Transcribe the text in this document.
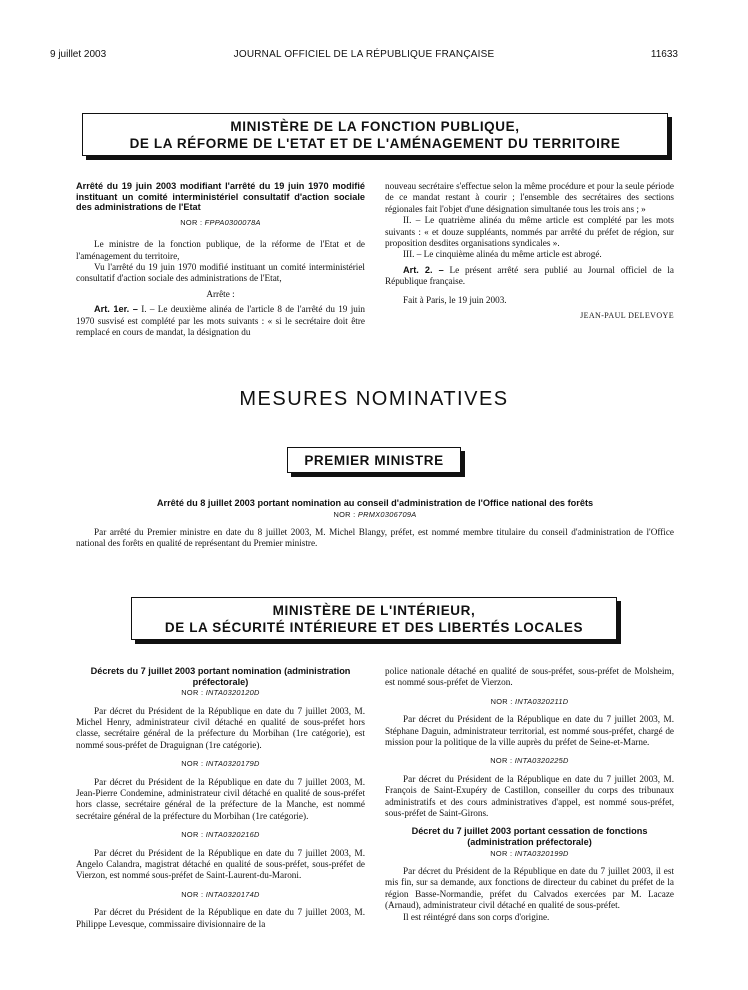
9 juillet 2003	JOURNAL OFFICIEL DE LA RÉPUBLIQUE FRANÇAISE	11633
MINISTÈRE DE LA FONCTION PUBLIQUE,
DE LA RÉFORME DE L'ETAT ET DE L'AMÉNAGEMENT DU TERRITOIRE

Arrêté du 19 juin 2003 modifiant l'arrêté du 19 juin 1970 modifié instituant un comité interministériel consultatif d'action sociale des administrations de l'Etat

NOR : FPPA0300078A

Le ministre de la fonction publique, de la réforme de l'Etat et de l'aménagement du territoire,

Vu l'arrêté du 19 juin 1970 modifié instituant un comité interministériel consultatif d'action sociale des administrations de l'Etat,

Arrête :

Art. 1er. – I. – Le deuxième alinéa de l'article 8 de l'arrêté du 19 juin 1970 susvisé est complété par les mots suivants : « si le secrétaire doit être remplacé en cours de mandat, la désignation du

nouveau secrétaire s'effectue selon la même procédure et pour la seule période de ce mandat restant à courir ; l'ensemble des secrétaires des sections régionales fait l'objet d'une désignation simultanée tous les trois ans ; »

II. – Le quatrième alinéa du même article est complété par les mots suivants : « et douze suppléants, nommés par arrêté du préfet de région, sur proposition desdites organisations syndicales ».

III. – Le cinquième alinéa du même article est abrogé.

Art. 2. – Le présent arrêté sera publié au Journal officiel de la République française.

Fait à Paris, le 19 juin 2003.

JEAN-PAUL DELEVOYE

MESURES NOMINATIVES
PREMIER MINISTRE

Arrêté du 8 juillet 2003 portant nomination au conseil d'administration de l'Office national des forêts

NOR : PRMX0306709A

Par arrêté du Premier ministre en date du 8 juillet 2003, M. Michel Blangy, préfet, est nommé membre titulaire du conseil d'administration de l'Office national des forêts en qualité de représentant du Premier ministre.

MINISTÈRE DE L'INTÉRIEUR,
DE LA SÉCURITÉ INTÉRIEURE ET DES LIBERTÉS LOCALES

Décrets du 7 juillet 2003 portant nomination (administration préfectorale)

NOR : INTA0320120D

Par décret du Président de la République en date du 7 juillet 2003, M. Michel Henry, administrateur civil détaché en qualité de sous-préfet hors classe, secrétaire général de la préfecture du Morbihan (1re catégorie), est nommé sous-préfet de Draguignan (1re catégorie).

NOR : INTA0320179D

Par décret du Président de la République en date du 7 juillet 2003, M. Jean-Pierre Condemine, administrateur civil détaché en qualité de sous-préfet hors classe, secrétaire général de la préfecture de la Manche, est nommé secrétaire général de la préfecture du Morbihan (1re catégorie).

NOR : INTA0320216D

Par décret du Président de la République en date du 7 juillet 2003, M. Angelo Calandra, magistrat détaché en qualité de sous-préfet, sous-préfet de Vierzon, est nommé sous-préfet de Saint-Laurent-du-Maroni.

NOR : INTA0320174D

Par décret du Président de la République en date du 7 juillet 2003, M. Philippe Levesque, commissaire divisionnaire de la

police nationale détaché en qualité de sous-préfet, sous-préfet de Molsheim, est nommé sous-préfet de Vierzon.

NOR : INTA0320211D

Par décret du Président de la République en date du 7 juillet 2003, M. Stéphane Daguin, administrateur territorial, est nommé sous-préfet, chargé de mission pour la politique de la ville auprès du préfet de Seine-et-Marne.

NOR : INTA0320225D

Par décret du Président de la République en date du 7 juillet 2003, M. François de Saint-Exupéry de Castillon, conseiller du corps des tribunaux administratifs et des cours administratives d'appel, est nommé sous-préfet, sous-préfet de Saint-Girons.

Décret du 7 juillet 2003 portant cessation de fonctions (administration préfectorale)

NOR : INTA0320199D

Par décret du Président de la République en date du 7 juillet 2003, il est mis fin, sur sa demande, aux fonctions de directeur du cabinet du préfet de la région Basse-Normandie, préfet du Calvados exercées par M. Lacaze (Arnaud), administrateur civil détaché en qualité de sous-préfet.

Il est réintégré dans son corps d'origine.
